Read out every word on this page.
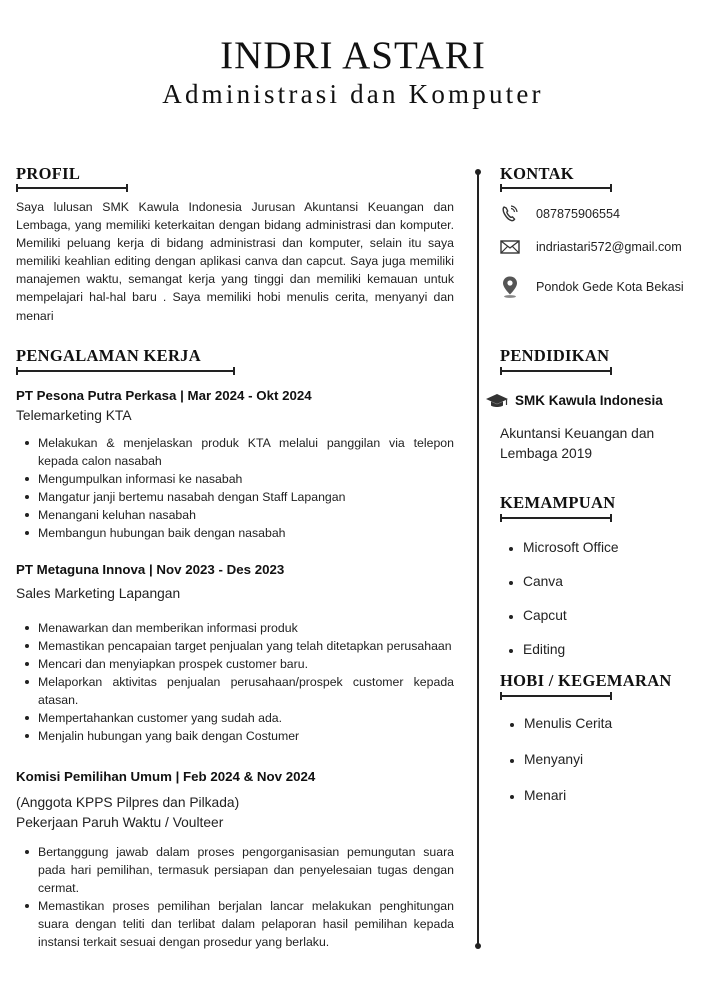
INDRI ASTARI
Administrasi dan Komputer
PROFIL
Saya lulusan SMK Kawula Indonesia Jurusan Akuntansi Keuangan dan Lembaga, yang memiliki keterkaitan dengan bidang administrasi dan komputer. Memiliki peluang kerja di bidang administrasi dan komputer, selain itu saya memiliki keahlian editing dengan aplikasi canva dan capcut. Saya juga memiliki manajemen waktu, semangat kerja yang tinggi dan memiliki kemauan untuk mempelajari hal-hal baru . Saya memiliki hobi menulis cerita, menyanyi dan menari
PENGALAMAN KERJA
PT Pesona Putra Perkasa | Mar 2024 - Okt 2024
Telemarketing KTA
Melakukan & menjelaskan produk KTA melalui panggilan via telepon kepada calon nasabah
Mengumpulkan informasi ke nasabah
Mangatur janji bertemu nasabah dengan Staff Lapangan
Menangani keluhan nasabah
Membangun hubungan baik dengan nasabah
PT Metaguna Innova | Nov 2023 - Des 2023
Sales Marketing Lapangan
Menawarkan dan memberikan informasi produk
Memastikan pencapaian target penjualan yang telah ditetapkan perusahaan
Mencari dan menyiapkan prospek customer baru.
Melaporkan aktivitas penjualan perusahaan/prospek customer kepada atasan.
Mempertahankan customer yang sudah ada.
Menjalin hubungan yang baik dengan Costumer
Komisi Pemilihan Umum | Feb 2024 & Nov 2024
(Anggota KPPS Pilpres dan Pilkada)
Pekerjaan Paruh Waktu / Voulteer
Bertanggung jawab dalam proses pengorganisasian pemungutan suara pada hari pemilihan, termasuk persiapan dan penyelesaian tugas dengan cermat.
Memastikan proses pemilihan berjalan lancar melakukan penghitungan suara dengan teliti dan terlibat dalam pelaporan hasil pemilihan kepada instansi terkait sesuai dengan prosedur yang berlaku.
KONTAK
087875906554
indriastari572@gmail.com
Pondok Gede Kota Bekasi
PENDIDIKAN
SMK Kawula Indonesia
Akuntansi Keuangan dan Lembaga 2019
KEMAMPUAN
Microsoft Office
Canva
Capcut
Editing
HOBI / KEGEMARAN
Menulis Cerita
Menyanyi
Menari
